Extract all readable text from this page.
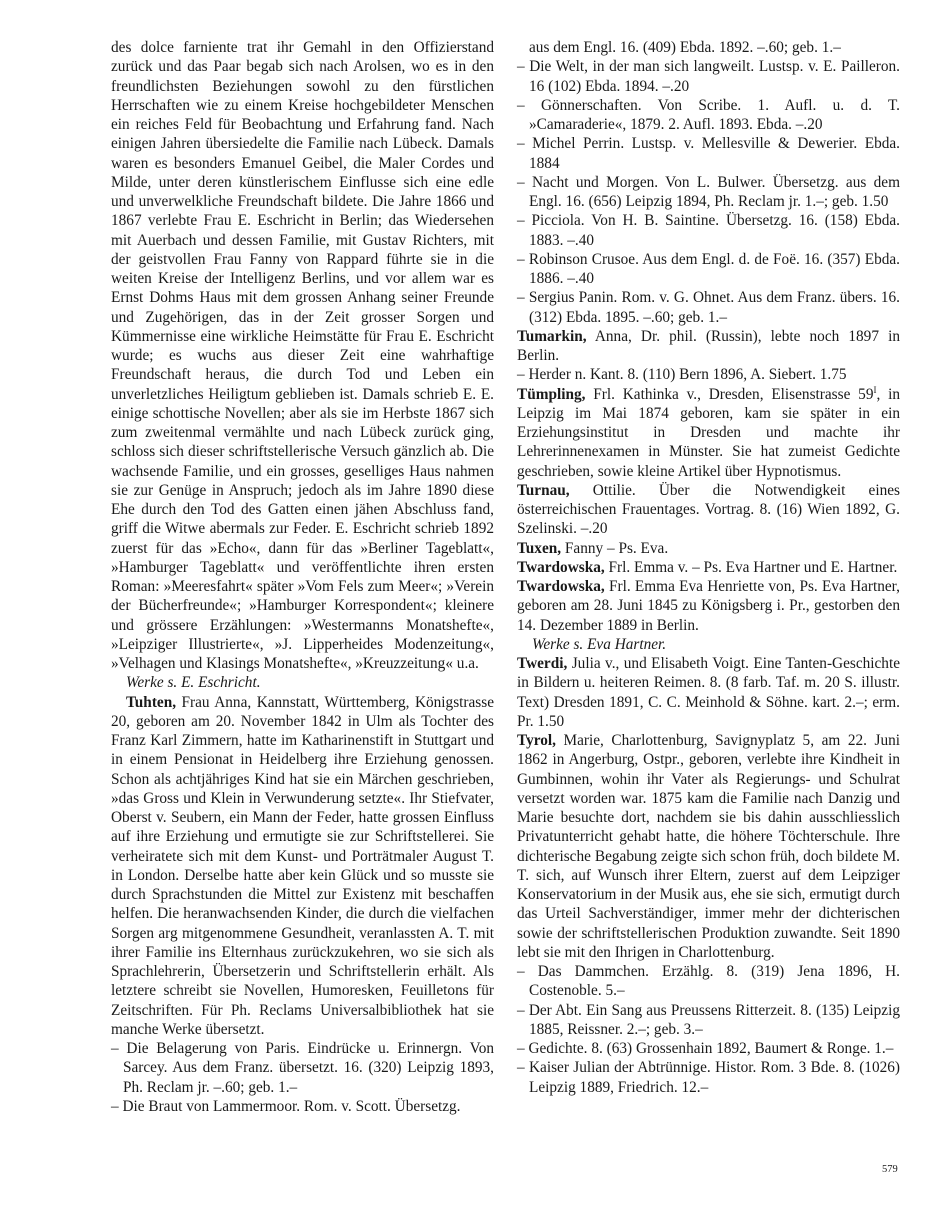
des dolce farniente trat ihr Gemahl in den Offizierstand zurück und das Paar begab sich nach Arolsen, wo es in den freundlichsten Beziehungen sowohl zu den fürstlichen Herrschaften wie zu einem Kreise hochgebildeter Menschen ein reiches Feld für Beobachtung und Erfahrung fand. Nach einigen Jahren übersiedelte die Familie nach Lübeck. Damals waren es besonders Emanuel Geibel, die Maler Cordes und Milde, unter deren künstlerischem Einflusse sich eine edle und unverwelkliche Freundschaft bildete. Die Jahre 1866 und 1867 verlebte Frau E. Eschricht in Berlin; das Wiedersehen mit Auerbach und dessen Familie, mit Gustav Richters, mit der geistvollen Frau Fanny von Rappard führte sie in die weiten Kreise der Intelligenz Berlins, und vor allem war es Ernst Dohms Haus mit dem grossen Anhang seiner Freunde und Zugehörigen, das in der Zeit grosser Sorgen und Kümmernisse eine wirkliche Heimstätte für Frau E. Eschricht wurde; es wuchs aus dieser Zeit eine wahrhaftige Freundschaft heraus, die durch Tod und Leben ein unverletzliches Heiligtum geblieben ist. Damals schrieb E. E. einige schottische Novellen; aber als sie im Herbste 1867 sich zum zweitenmal vermählte und nach Lübeck zurück ging, schloss sich dieser schriftstellerische Versuch gänzlich ab. Die wachsende Familie, und ein grosses, geselliges Haus nahmen sie zur Genüge in Anspruch; jedoch als im Jahre 1890 diese Ehe durch den Tod des Gatten einen jähen Abschluss fand, griff die Witwe abermals zur Feder. E. Eschricht schrieb 1892 zuerst für das »Echo«, dann für das »Berliner Tageblatt«, »Hamburger Tageblatt« und veröffentlichte ihren ersten Roman: »Meeresfahrt« später »Vom Fels zum Meer«; »Verein der Bücherfreunde«; »Hamburger Korrespondent«; kleinere und grössere Erzählungen: »Westermanns Monatshefte«, »Leipziger Illustrierte«, »J. Lipperheides Modenzeitung«, »Velhagen und Klasings Monatshefte«, »Kreuzzeitung« u.a.

Werke s. E. Eschricht.

Tuhten, Frau Anna, Kannstatt, Württemberg, Königstrasse 20, geboren am 20. November 1842 in Ulm als Tochter des Franz Karl Zimmern, hatte im Katharinenstift in Stuttgart und in einem Pensionat in Heidelberg ihre Erziehung genossen. Schon als achtjähriges Kind hat sie ein Märchen geschrieben, »das Gross und Klein in Verwunderung setzte«. Ihr Stiefvater, Oberst v. Seubern, ein Mann der Feder, hatte grossen Einfluss auf ihre Erziehung und ermutigte sie zur Schriftstellerei. Sie verheiratete sich mit dem Kunst- und Porträtmaler August T. in London. Derselbe hatte aber kein Glück und so musste sie durch Sprachstunden die Mittel zur Existenz mit beschaffen helfen. Die heranwachsenden Kinder, die durch die vielfachen Sorgen arg mitgenommene Gesundheit, veranlassten A. T. mit ihrer Familie ins Elternhaus zurückzukehren, wo sie sich als Sprachlehrerin, Übersetzerin und Schriftstellerin erhält. Als letztere schreibt sie Novellen, Humoresken, Feuilletons für Zeitschriften. Für Ph. Reclams Universalbibliothek hat sie manche Werke übersetzt.

– Die Belagerung von Paris. Eindrücke u. Erinnergn. Von Sarcey. Aus dem Franz. übersetzt. 16. (320) Leipzig 1893, Ph. Reclam jr. –.60; geb. 1.–

– Die Braut von Lammermoor. Rom. v. Scott. Übersetzg.

aus dem Engl. 16. (409) Ebda. 1892. –.60; geb. 1.–

– Die Welt, in der man sich langweilt. Lustsp. v. E. Pailleron. 16 (102) Ebda. 1894. –.20

– Gönnerschaften. Von Scribe. 1. Aufl. u. d. T. »Camaraderie«, 1879. 2. Aufl. 1893. Ebda. –.20

– Michel Perrin. Lustsp. v. Mellesville & Dewerier. Ebda. 1884

– Nacht und Morgen. Von L. Bulwer. Übersetzg. aus dem Engl. 16. (656) Leipzig 1894, Ph. Reclam jr. 1.–; geb. 1.50

– Picciola. Von H. B. Saintine. Übersetzg. 16. (158) Ebda. 1883. –.40

– Robinson Crusoe. Aus dem Engl. d. de Foë. 16. (357) Ebda. 1886. –.40

– Sergius Panin. Rom. v. G. Ohnet. Aus dem Franz. übers. 16. (312) Ebda. 1895. –.60; geb. 1.–

Tumarkin, Anna, Dr. phil. (Russin), lebte noch 1897 in Berlin.

– Herder n. Kant. 8. (110) Bern 1896, A. Siebert. 1.75

Tümpling, Frl. Kathinka v., Dresden, Elisenstrasse $59^I$, in Leipzig im Mai 1874 geboren, kam sie später in ein Erziehungsinstitut in Dresden und machte ihr Lehrerinnenexamen in Münster. Sie hat zumeist Gedichte geschrieben, sowie kleine Artikel über Hypnotismus.

Turnau, Ottilie. Über die Notwendigkeit eines österreichischen Frauentages. Vortrag. 8. (16) Wien 1892, G. Szelinski. –.20

Tuxen, Fanny – Ps. Eva.

Twardowska, Frl. Emma v. – Ps. Eva Hartner und E. Hartner.

Twardowska, Frl. Emma Eva Henriette von, Ps. Eva Hartner, geboren am 28. Juni 1845 zu Königsberg i. Pr., gestorben den 14. Dezember 1889 in Berlin.

Werke s. Eva Hartner.

Twerdi, Julia v., und Elisabeth Voigt. Eine Tanten-Geschichte in Bildern u. heiteren Reimen. 8. (8 farb. Taf. m. 20 S. illustr. Text) Dresden 1891, C. C. Meinhold & Söhne. kart. 2.–; erm. Pr. 1.50

Tyrol, Marie, Charlottenburg, Savignyplatz 5, am 22. Juni 1862 in Angerburg, Ostpr., geboren, verlebte ihre Kindheit in Gumbinnen, wohin ihr Vater als Regierungs- und Schulrat versetzt worden war. 1875 kam die Familie nach Danzig und Marie besuchte dort, nachdem sie bis dahin ausschliesslich Privatunterricht gehabt hatte, die höhere Töchterschule. Ihre dichterische Begabung zeigte sich schon früh, doch bildete M. T. sich, auf Wunsch ihrer Eltern, zuerst auf dem Leipziger Konservatorium in der Musik aus, ehe sie sich, ermutigt durch das Urteil Sachverständiger, immer mehr der dichterischen sowie der schriftstellerischen Produktion zuwandte. Seit 1890 lebt sie mit den Ihrigen in Charlottenburg.

– Das Dammchen. Erzählg. 8. (319) Jena 1896, H. Costenoble. 5.–

– Der Abt. Ein Sang aus Preussens Ritterzeit. 8. (135) Leipzig 1885, Reissner. 2.–; geb. 3.–

– Gedichte. 8. (63) Grossenhain 1892, Baumert & Ronge. 1.–

– Kaiser Julian der Abtrünnige. Histor. Rom. 3 Bde. 8. (1026) Leipzig 1889, Friedrich. 12.–

579
